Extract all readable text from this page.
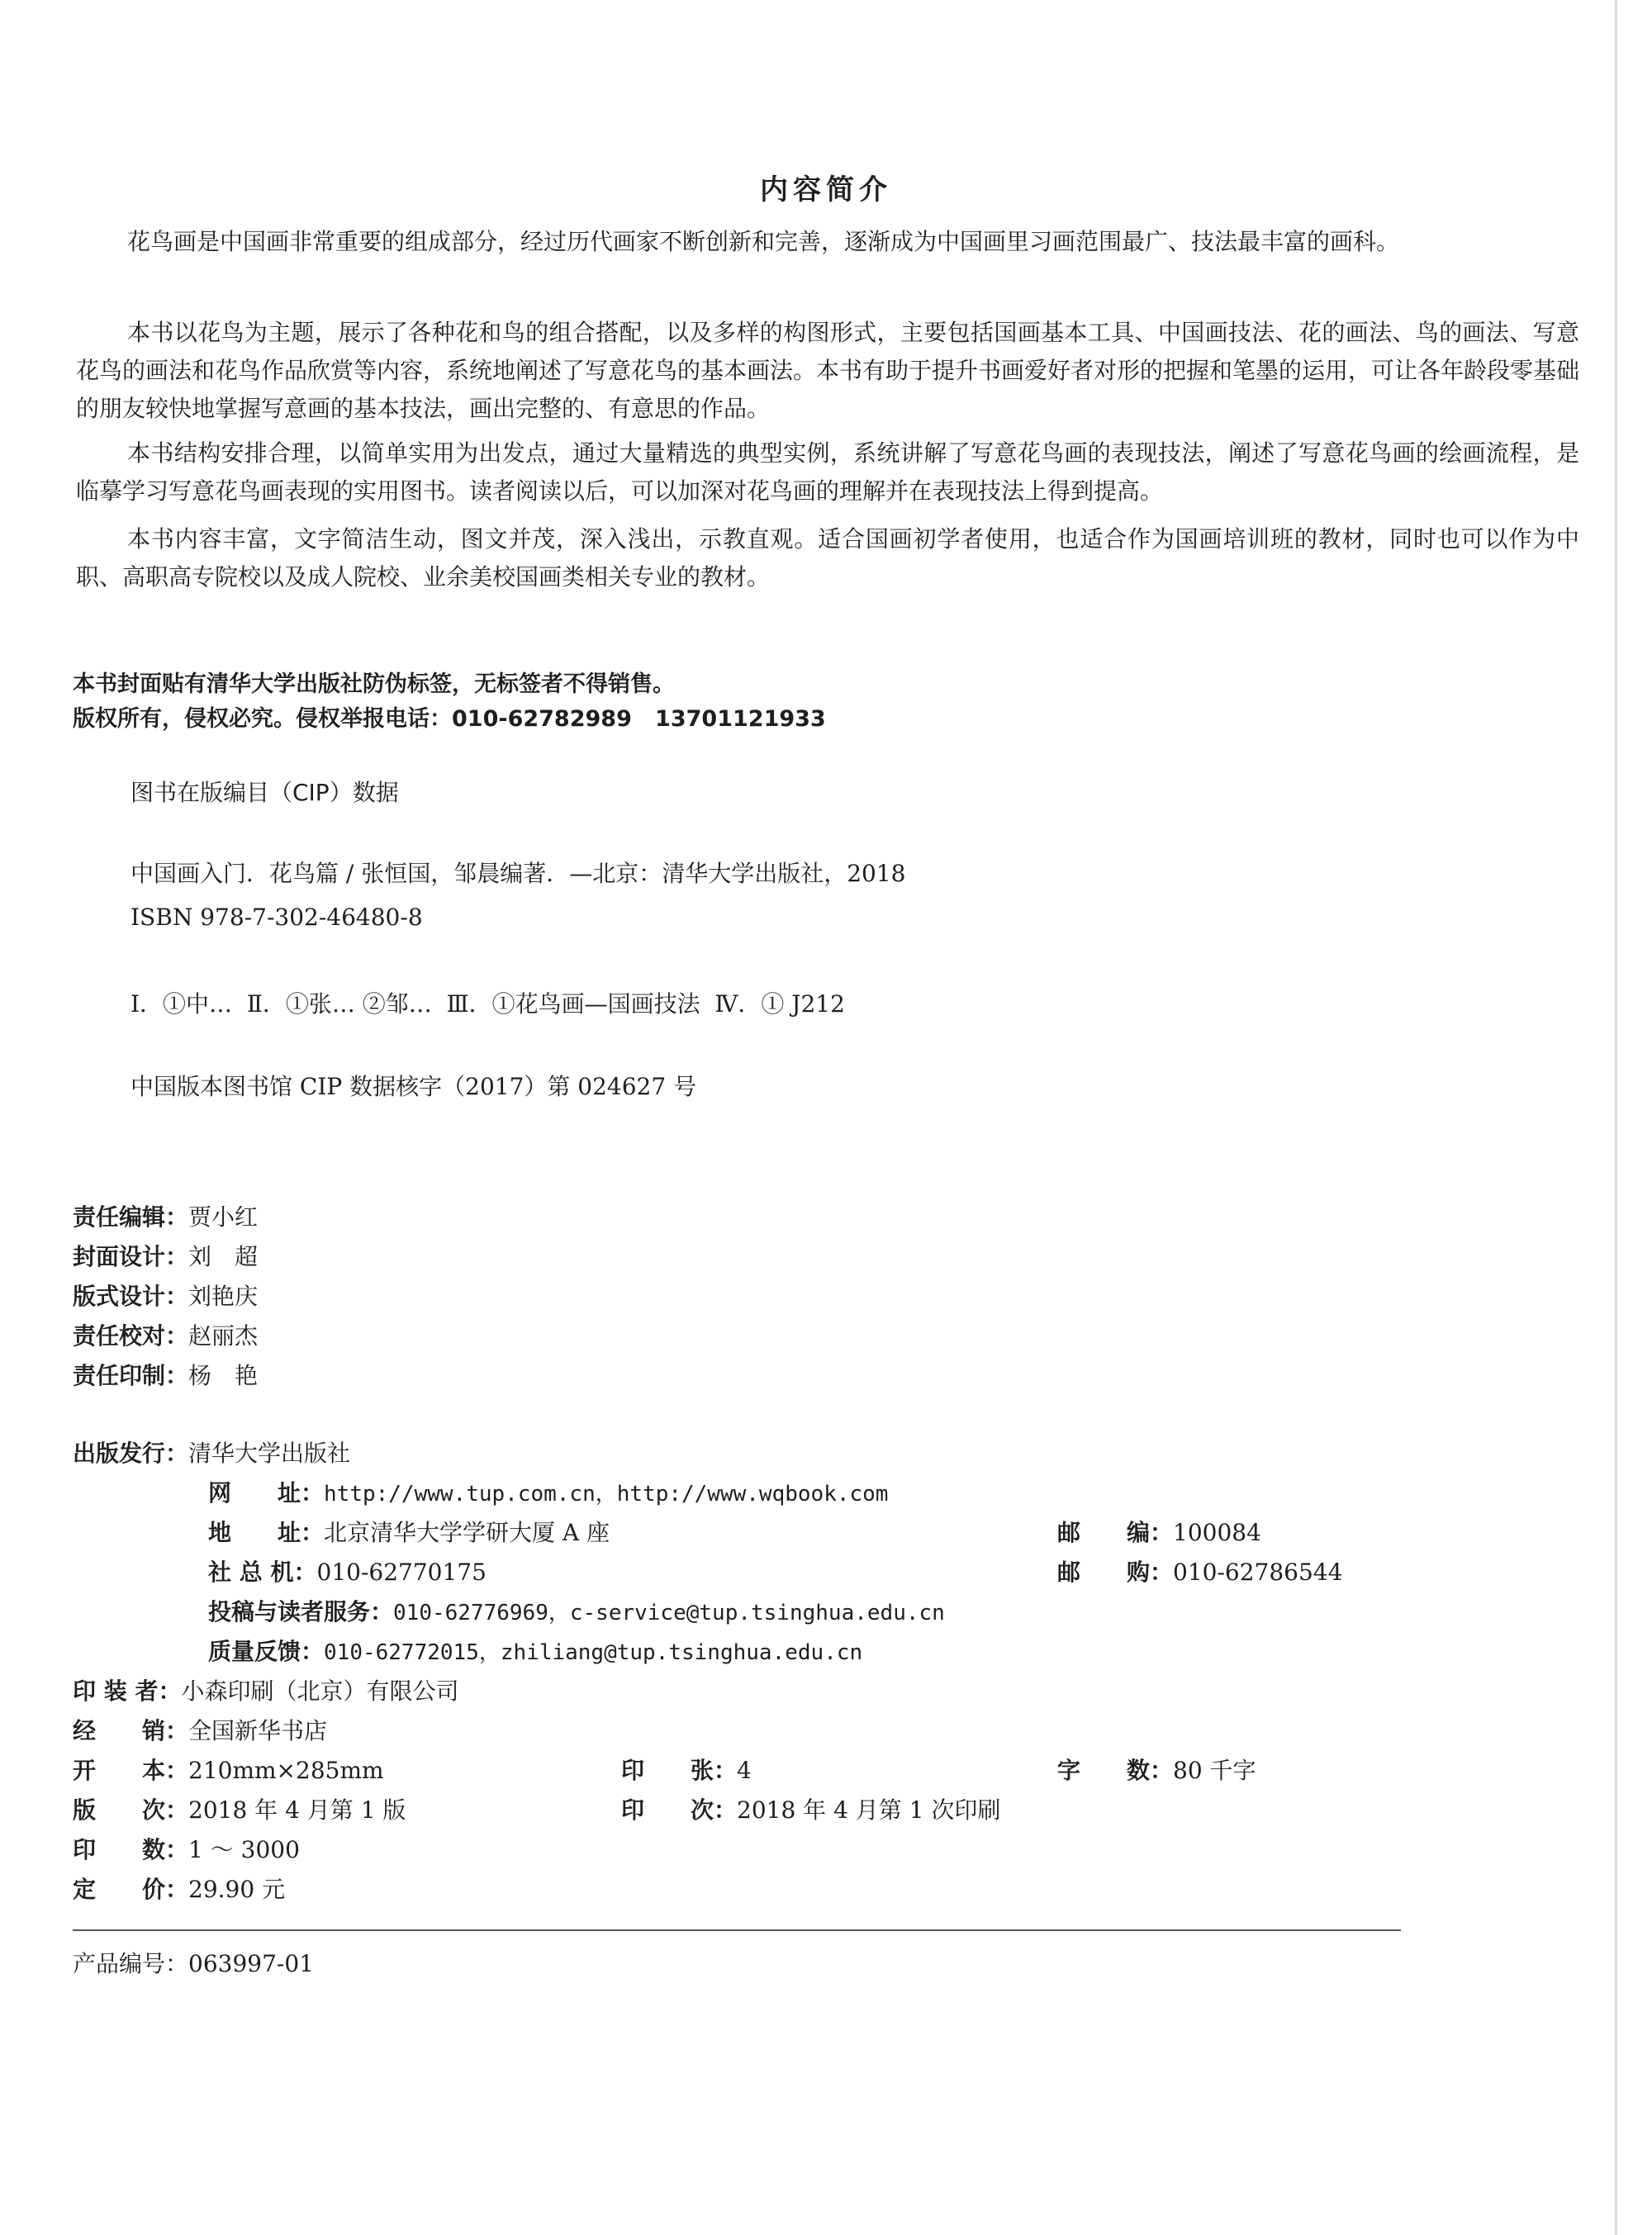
内容简介

花鸟画是中国画非常重要的组成部分，经过历代画家不断创新和完善，逐渐成为中国画里习画范围最广、技法最丰富的画科。

本书以花鸟为主题，展示了各种花和鸟的组合搭配，以及多样的构图形式，主要包括国画基本工具、中国画技法、花的画法、鸟的画法、写意花鸟的画法和花鸟作品欣赏等内容，系统地阐述了写意花鸟的基本画法。本书有助于提升书画爱好者对形的把握和笔墨的运用，可让各年龄段零基础的朋友较快地掌握写意画的基本技法，画出完整的、有意思的作品。

本书结构安排合理，以简单实用为出发点，通过大量精选的典型实例，系统讲解了写意花鸟画的表现技法，阐述了写意花鸟画的绘画流程，是临摹学习写意花鸟画表现的实用图书。读者阅读以后，可以加深对花鸟画的理解并在表现技法上得到提高。

本书内容丰富，文字简洁生动，图文并茂，深入浅出，示教直观。适合国画初学者使用，也适合作为国画培训班的教材，同时也可以作为中职、高职高专院校以及成人院校、业余美校国画类相关专业的教材。

本书封面贴有清华大学出版社防伪标签，无标签者不得销售。
版权所有，侵权必究。侵权举报电话：010-62782989   13701121933
图书在版编目（CIP）数据
中国画入门．花鸟篇 / 张恒国，邹晨编著．—北京：清华大学出版社，2018
ISBN 978-7-302-46480-8
Ⅰ．①中…  Ⅱ．①张… ②邹…  Ⅲ．①花鸟画—国画技法  Ⅳ．① J212
中国版本图书馆 CIP 数据核字（2017）第 024627 号
责任编辑：贾小红
封面设计：刘　超
版式设计：刘艳庆
责任校对：赵丽杰
责任印制：杨　艳
出版发行：清华大学出版社
网　　址：http://www.tup.com.cn，http://www.wqbook.com
地　　址：北京清华大学学研大厦 A 座	邮　　编：100084
社 总 机：010-62770175	邮　　购：010-62786544
投稿与读者服务：010-62776969，c-service@tup.tsinghua.edu.cn
质量反馈：010-62772015，zhiliang@tup.tsinghua.edu.cn
印 装 者：小森印刷（北京）有限公司
经　　销：全国新华书店
开　　本：210mm×285mm	印　　张：4	字　　数：80 千字
版　　次：2018 年 4 月第 1 版	印　　次：2018 年 4 月第 1 次印刷
印　　数：1 ～ 3000
定　　价：29.90 元
产品编号：063997-01
